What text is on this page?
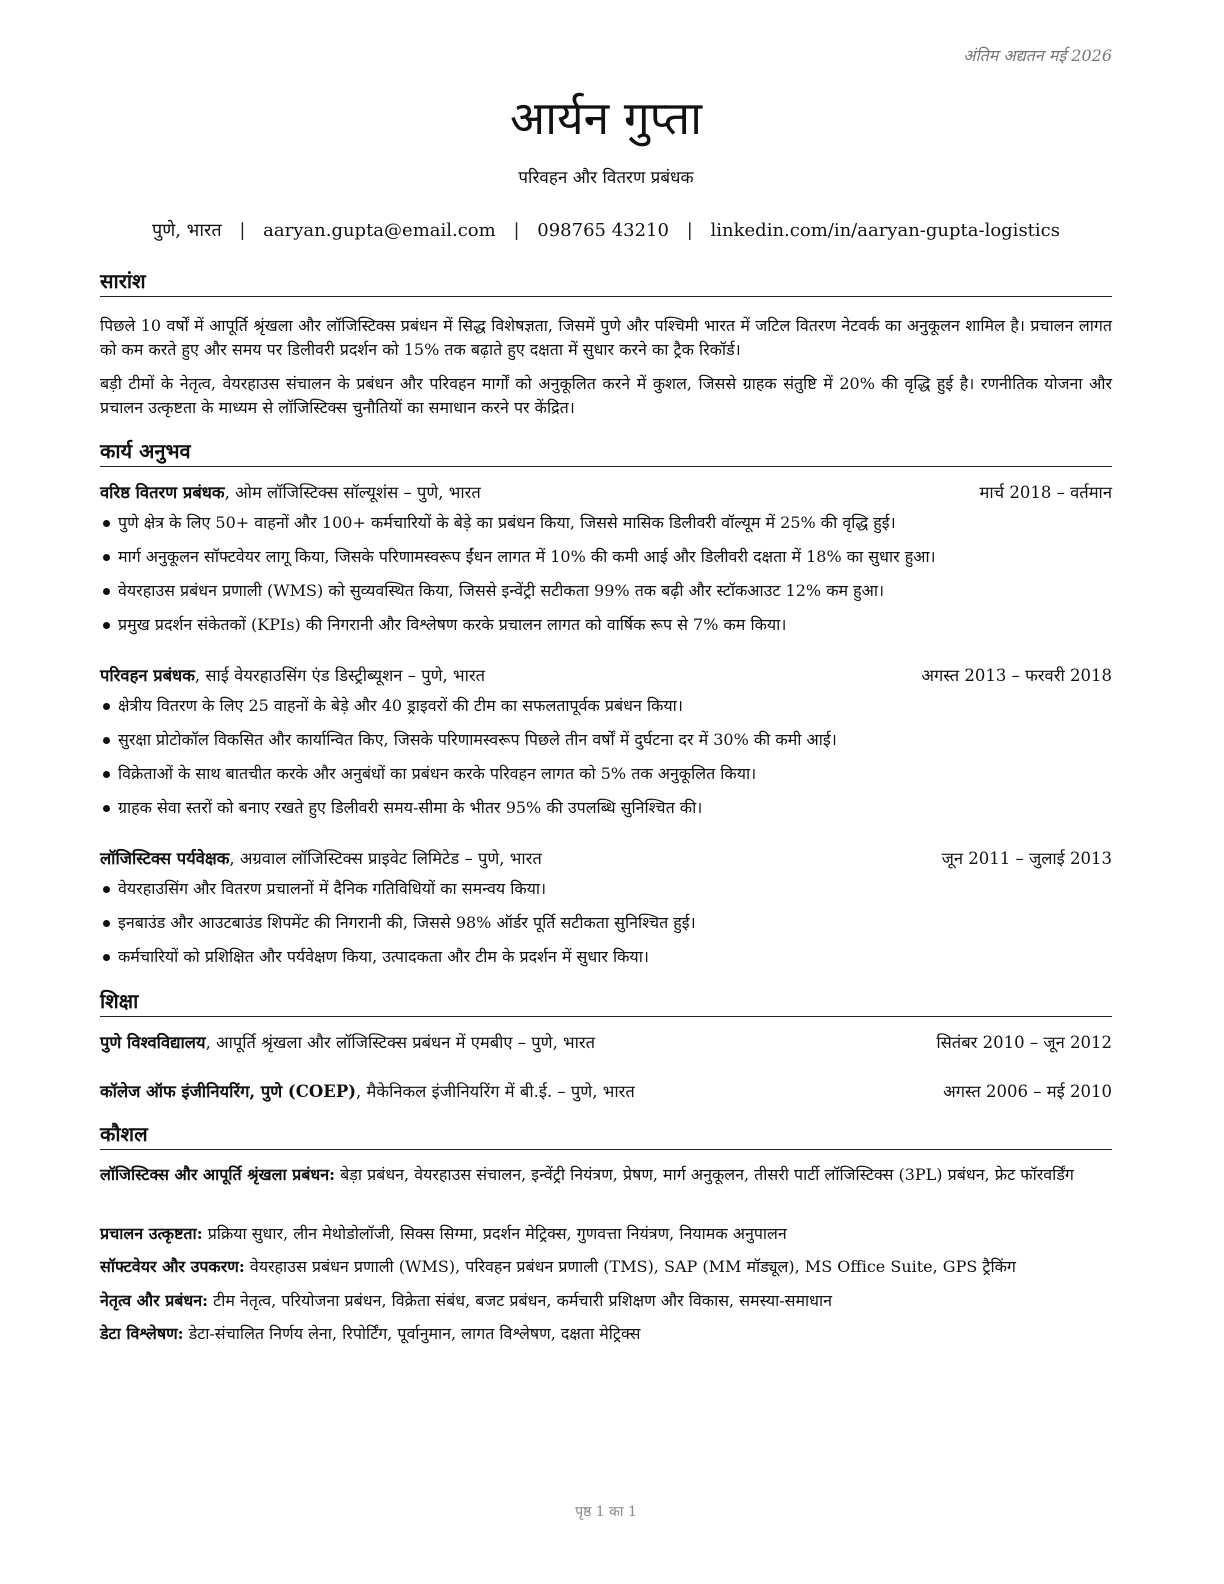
अंतिम अद्यतन मई 2026
आर्यन गुप्ता
परिवहन और वितरण प्रबंधक
पुणे, भारत | aaryan.gupta@email.com | 098765 43210 | linkedin.com/in/aaryan-gupta-logistics
सारांश
पिछले 10 वर्षों में आपूर्ति श्रृंखला और लॉजिस्टिक्स प्रबंधन में सिद्ध विशेषज्ञता, जिसमें पुणे और पश्चिमी भारत में जटिल वितरण नेटवर्क का अनुकूलन शामिल है। प्रचालन लागत को कम करते हुए और समय पर डिलीवरी प्रदर्शन को 15% तक बढ़ाते हुए दक्षता में सुधार करने का ट्रैक रिकॉर्ड।
बड़ी टीमों के नेतृत्व, वेयरहाउस संचालन के प्रबंधन और परिवहन मार्गों को अनुकूलित करने में कुशल, जिससे ग्राहक संतुष्टि में 20% की वृद्धि हुई है। रणनीतिक योजना और प्रचालन उत्कृष्टता के माध्यम से लॉजिस्टिक्स चुनौतियों का समाधान करने पर केंद्रित।
कार्य अनुभव
वरिष्ठ वितरण प्रबंधक, ओम लॉजिस्टिक्स सॉल्यूशंस – पुणे, भारत	मार्च 2018 – वर्तमान
पुणे क्षेत्र के लिए 50+ वाहनों और 100+ कर्मचारियों के बेड़े का प्रबंधन किया, जिससे मासिक डिलीवरी वॉल्यूम में 25% की वृद्धि हुई।
मार्ग अनुकूलन सॉफ्टवेयर लागू किया, जिसके परिणामस्वरूप ईंधन लागत में 10% की कमी आई और डिलीवरी दक्षता में 18% का सुधार हुआ।
वेयरहाउस प्रबंधन प्रणाली (WMS) को सुव्यवस्थित किया, जिससे इन्वेंट्री सटीकता 99% तक बढ़ी और स्टॉकआउट 12% कम हुआ।
प्रमुख प्रदर्शन संकेतकों (KPIs) की निगरानी और विश्लेषण करके प्रचालन लागत को वार्षिक रूप से 7% कम किया।
परिवहन प्रबंधक, साई वेयरहाउसिंग एंड डिस्ट्रीब्यूशन – पुणे, भारत	अगस्त 2013 – फरवरी 2018
क्षेत्रीय वितरण के लिए 25 वाहनों के बेड़े और 40 ड्राइवरों की टीम का सफलतापूर्वक प्रबंधन किया।
सुरक्षा प्रोटोकॉल विकसित और कार्यान्वित किए, जिसके परिणामस्वरूप पिछले तीन वर्षों में दुर्घटना दर में 30% की कमी आई।
विक्रेताओं के साथ बातचीत करके और अनुबंधों का प्रबंधन करके परिवहन लागत को 5% तक अनुकूलित किया।
ग्राहक सेवा स्तरों को बनाए रखते हुए डिलीवरी समय-सीमा के भीतर 95% की उपलब्धि सुनिश्चित की।
लॉजिस्टिक्स पर्यवेक्षक, अग्रवाल लॉजिस्टिक्स प्राइवेट लिमिटेड – पुणे, भारत	जून 2011 – जुलाई 2013
वेयरहाउसिंग और वितरण प्रचालनों में दैनिक गतिविधियों का समन्वय किया।
इनबाउंड और आउटबाउंड शिपमेंट की निगरानी की, जिससे 98% ऑर्डर पूर्ति सटीकता सुनिश्चित हुई।
कर्मचारियों को प्रशिक्षित और पर्यवेक्षण किया, उत्पादकता और टीम के प्रदर्शन में सुधार किया।
शिक्षा
पुणे विश्वविद्यालय, आपूर्ति श्रृंखला और लॉजिस्टिक्स प्रबंधन में एमबीए – पुणे, भारत	सितंबर 2010 – जून 2012
कॉलेज ऑफ इंजीनियरिंग, पुणे (COEP), मैकेनिकल इंजीनियरिंग में बी.ई. – पुणे, भारत	अगस्त 2006 – मई 2010
कौशल
लॉजिस्टिक्स और आपूर्ति श्रृंखला प्रबंधन: बेड़ा प्रबंधन, वेयरहाउस संचालन, इन्वेंट्री नियंत्रण, प्रेषण, मार्ग अनुकूलन, तीसरी पार्टी लॉजिस्टिक्स (3PL) प्रबंधन, फ्रेट फॉरवर्डिंग
प्रचालन उत्कृष्टता: प्रक्रिया सुधार, लीन मेथोडोलॉजी, सिक्स सिग्मा, प्रदर्शन मेट्रिक्स, गुणवत्ता नियंत्रण, नियामक अनुपालन
सॉफ्टवेयर और उपकरण: वेयरहाउस प्रबंधन प्रणाली (WMS), परिवहन प्रबंधन प्रणाली (TMS), SAP (MM मॉड्यूल), MS Office Suite, GPS ट्रैकिंग
नेतृत्व और प्रबंधन: टीम नेतृत्व, परियोजना प्रबंधन, विक्रेता संबंध, बजट प्रबंधन, कर्मचारी प्रशिक्षण और विकास, समस्या-समाधान
डेटा विश्लेषण: डेटा-संचालित निर्णय लेना, रिपोर्टिंग, पूर्वानुमान, लागत विश्लेषण, दक्षता मेट्रिक्स
पृष्ठ 1 का 1
